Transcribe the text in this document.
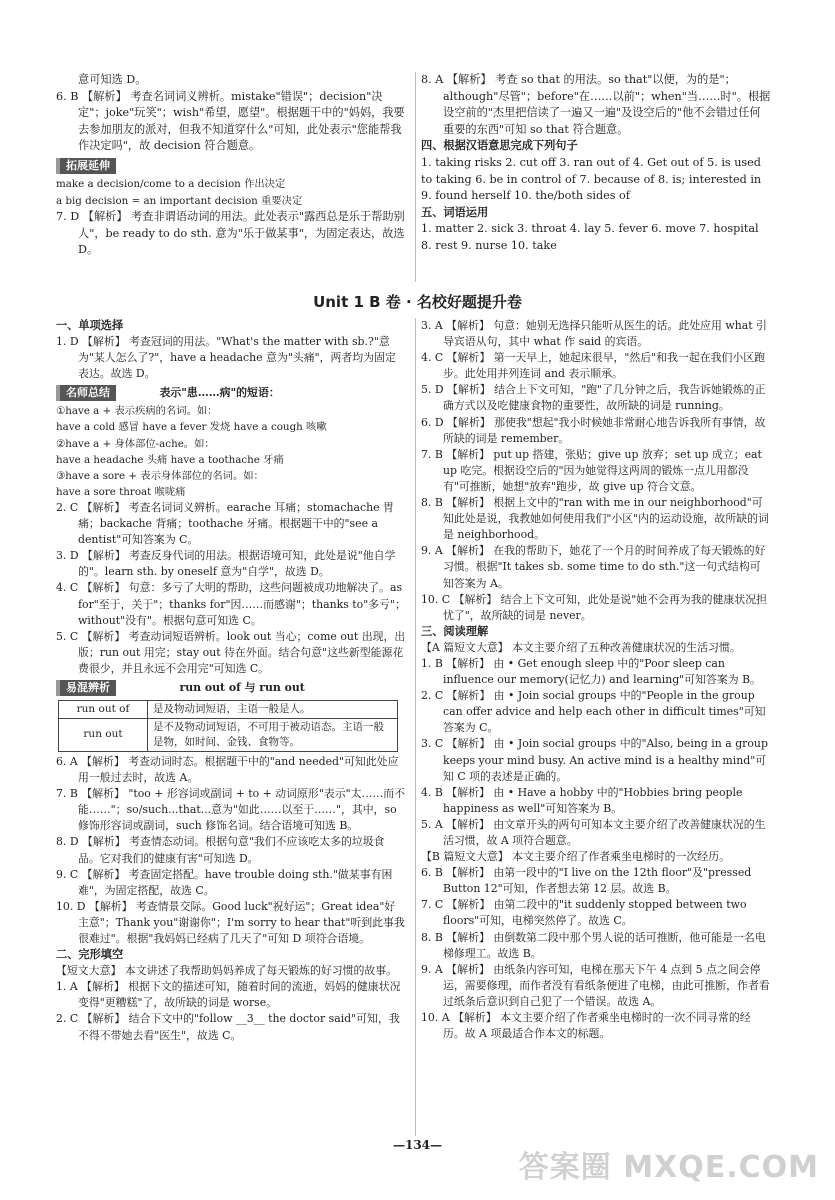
意可知选 D。

6. B 【解析】 考查名词词义辨析。mistake"错误"；decision"决定"；joke"玩笑"；wish"希望，愿望"。根据题干中的"妈妈，我要去参加朋友的派对，但我不知道穿什么"可知，此处表示"您能帮我作决定吗"，故 decision 符合题意。

拓展延伸

make a decision/come to a decision 作出决定

a big decision = an important decision 重要决定

7. D 【解析】 考查非谓语动词的用法。此处表示"露西总是乐于帮助别人"，be ready to do sth. 意为"乐于做某事"，为固定表达，故选 D。

8. A 【解析】 考查 so that 的用法。so that"以便，为的是"；although"尽管"；before"在……以前"；when"当……时"。根据设空前的"杰里把信读了一遍又一遍"及设空后的"他不会错过任何重要的东西"可知 so that 符合题意。

四、根据汉语意思完成下列句子

1. taking risks 2. cut off 3. ran out of 4. Get out of 5. is used to taking 6. be in control of 7. because of 8. is; interested in 9. found herself 10. the/both sides of

五、词语运用

1. matter 2. sick 3. throat 4. lay 5. fever 6. move 7. hospital 8. rest 9. nurse 10. take

Unit 1 B 卷 · 名校好题提升卷

一、单项选择

1. D 【解析】 考查冠词的用法。"What's the matter with sb.?"意为"某人怎么了?"，have a headache 意为"头痛"，两者均为固定表达。故选 D。

名师总结	表示"患……病"的短语：

①have a + 表示疾病的名词。如：

have a cold 感冒 have a fever 发烧 have a cough 咳嗽

②have a + 身体部位-ache。如：

have a headache 头痛 have a toothache 牙痛

③have a sore + 表示身体部位的名词。如：

have a sore throat 喉咙痛

2. C 【解析】 考查名词词义辨析。earache 耳痛；stomachache 胃痛；backache 背痛；toothache 牙痛。根据题干中的"see a dentist"可知答案为 C。

3. D 【解析】 考查反身代词的用法。根据语境可知，此处是说"他自学的"。learn sth. by oneself 意为"自学"，故选 D。

4. C 【解析】 句意：多亏了大明的帮助，这些问题被成功地解决了。as for"至于，关于"；thanks for"因……而感谢"；thanks to"多亏"；without"没有"。根据句意可知选 C。

5. C 【解析】 考查动词短语辨析。look out 当心；come out 出现，出版；run out 用完；stay out 待在外面。结合句意"这些新型能源花费很少，并且永远不会用完"可知选 C。

易混辨析	run out of 与 run out
run out of	是及物动词短语，主语一般是人。
run out	是不及物动词短语，不可用于被动语态。主语一般是物，如时间、金钱、食物等。

6. A 【解析】 考查动词时态。根据题干中的"and needed"可知此处应用一般过去时，故选 A。

7. B 【解析】 "too + 形容词或副词 + to + 动词原形"表示"太……而不能……"；so/such...that...意为"如此……以至于……"，其中，so 修饰形容词或副词，such 修饰名词。结合语境可知选 B。

8. D 【解析】 考查情态动词。根据句意"我们不应该吃太多的垃圾食品。它对我们的健康有害"可知选 D。

9. C 【解析】 考查固定搭配。have trouble doing sth."做某事有困难"，为固定搭配，故选 C。

10. D 【解析】 考查情景交际。Good luck"祝好运"；Great idea"好主意"；Thank you"谢谢你"；I'm sorry to hear that"听到此事我很难过"。根据"我妈妈已经病了几天了"可知 D 项符合语境。

二、完形填空

【短文大意】 本文讲述了我帮助妈妈养成了每天锻炼的好习惯的故事。

1. A 【解析】 根据下文的描述可知，随着时间的流逝，妈妈的健康状况变得"更糟糕"了，故所缺的词是 worse。

2. C 【解析】 结合下文中的"follow __3__ the doctor said"可知，我不得不带她去看"医生"，故选 C。

3. A 【解析】 句意：她别无选择只能听从医生的话。此处应用 what 引导宾语从句，其中 what 作 said 的宾语。

4. C 【解析】 第一天早上，她起床很早，"然后"和我一起在我们小区跑步。此处用并列连词 and 表示顺承。

5. D 【解析】 结合上下文可知，"跑"了几分钟之后，我告诉她锻炼的正确方式以及吃健康食物的重要性，故所缺的词是 running。

6. D 【解析】 那使我"想起"我小时候她非常耐心地告诉我所有事情，故所缺的词是 remember。

7. B 【解析】 put up 搭建，张贴；give up 放弃；set up 成立；eat up 吃完。根据设空后的"因为她觉得这两周的锻炼一点儿用都没有"可推断，她想"放弃"跑步，故 give up 符合文意。

8. B 【解析】 根据上文中的"ran with me in our neighborhood"可知此处是说，我教她如何使用我们"小区"内的运动设施，故所缺的词是 neighborhood。

9. A 【解析】 在我的帮助下，她花了一个月的时间养成了每天锻炼的好习惯。根据"It takes sb. some time to do sth."这一句式结构可知答案为 A。

10. C 【解析】 结合上下文可知，此处是说"她不会再为我的健康状况担忧了"，故所缺的词是 never。

三、阅读理解

【A 篇短文大意】 本文主要介绍了五种改善健康状况的生活习惯。

1. B 【解析】 由 • Get enough sleep 中的"Poor sleep can influence our memory(记忆力) and learning"可知答案为 B。

2. C 【解析】 由 • Join social groups 中的"People in the group can offer advice and help each other in difficult times"可知答案为 C。

3. C 【解析】 由 • Join social groups 中的"Also, being in a group keeps your mind busy. An active mind is a healthy mind"可知 C 项的表述是正确的。

4. B 【解析】 由 • Have a hobby 中的"Hobbies bring people happiness as well"可知答案为 B。

5. A 【解析】 由文章开头的两句可知本文主要介绍了改善健康状况的生活习惯，故 A 项符合题意。

【B 篇短文大意】 本文主要介绍了作者乘坐电梯时的一次经历。

6. B 【解析】 由第一段中的"I live on the 12th floor"及"pressed Button 12"可知，作者想去第 12 层。故选 B。

7. C 【解析】 由第二段中的"it suddenly stopped between two floors"可知，电梯突然停了。故选 C。

8. B 【解析】 由倒数第二段中那个男人说的话可推断，他可能是一名电梯修理工。故选 B。

9. A 【解析】 由纸条内容可知，电梯在那天下午 4 点到 5 点之间会停运，需要修理，而作者没有看纸条便进了电梯，由此可推断，作者看过纸条后意识到自己犯了一个错误。故选 A。

10. A 【解析】 本文主要介绍了作者乘坐电梯时的一次不同寻常的经历。故 A 项最适合作本文的标题。

—134—
答案圈 MXQE.COM
